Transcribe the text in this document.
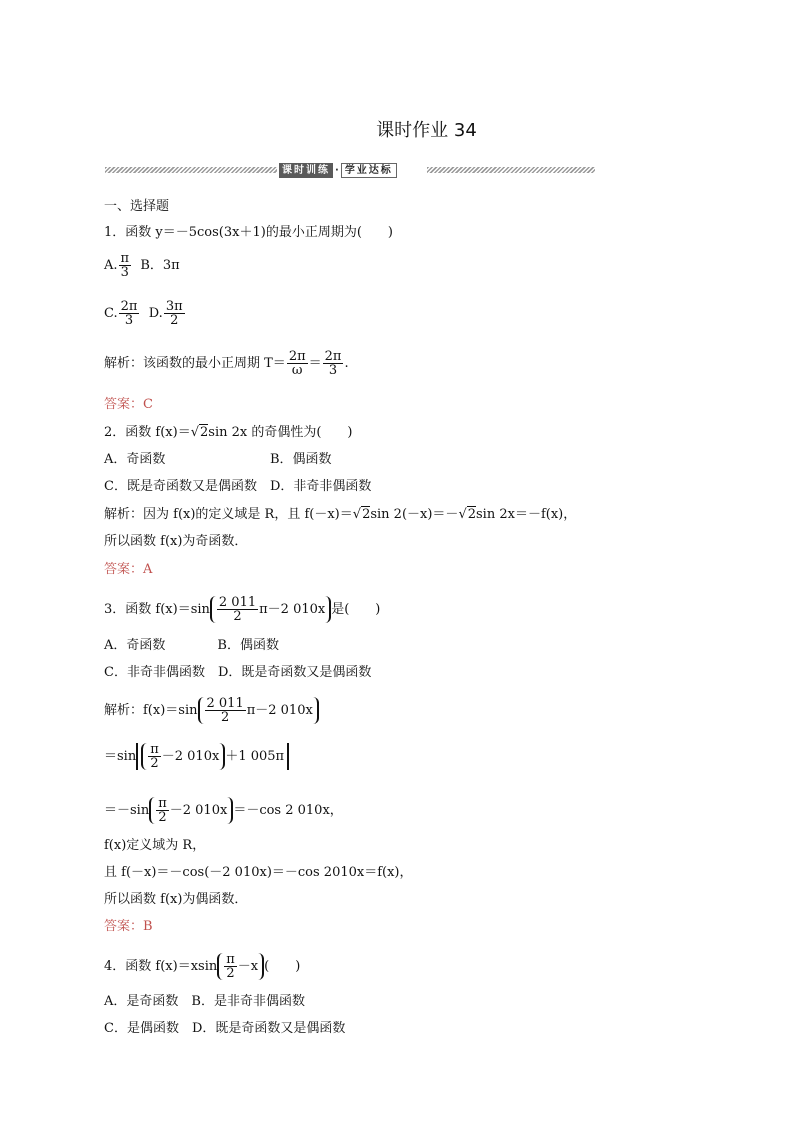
课时作业 34
课时训练 · 学业达标
一、选择题
1．函数 y＝－5cos(3x＋1)的最小正周期为(　　)
A. $\frac{\pi}{3}$ B．3π
C. $\frac{2\pi}{3} D$. $\frac{3\pi}{2}$
解析：该函数的最小正周期 $T= \frac{2\pi}{\omega} = \frac{2\pi}{3}$ .
答案：C
2．函数 f(x)＝√2sin 2x 的奇偶性为(　　)
A．奇函数	B．偶函数
C．既是奇函数又是偶函数　D．非奇非偶函数
解析：因为 f(x)的定义域是 R，且 f(－x)＝√2sin 2(－x)＝－√2sin 2x＝－f(x)，
所以函数 f(x)为奇函数．
答案：A
3．函数 $f(x)=\sin \frac{2 011}{2} \pi-2$ 010x 是(　　)
A．奇函数　　　　B．偶函数
C．非奇非偶函数　D．既是奇函数又是偶函数
解析：$f(x)=\sin \frac{2 011}{2} \pi-2$ 010x
$=\sin \frac{\pi}{2} -2$ 010x ＋1 005π
$=-\sin \frac{\pi}{2} -2$ 010x ＝－cos 2 010x，
f(x)定义域为 R，
且 f(－x)＝－cos(－2 010x)＝－cos 2010x＝f(x)，
所以函数 f(x)为偶函数．
答案：B
4．函数 $f(x)=xsin \frac{\pi}{2} -x$ (　　)
A．是奇函数　B．是非奇非偶函数
C．是偶函数　D．既是奇函数又是偶函数
